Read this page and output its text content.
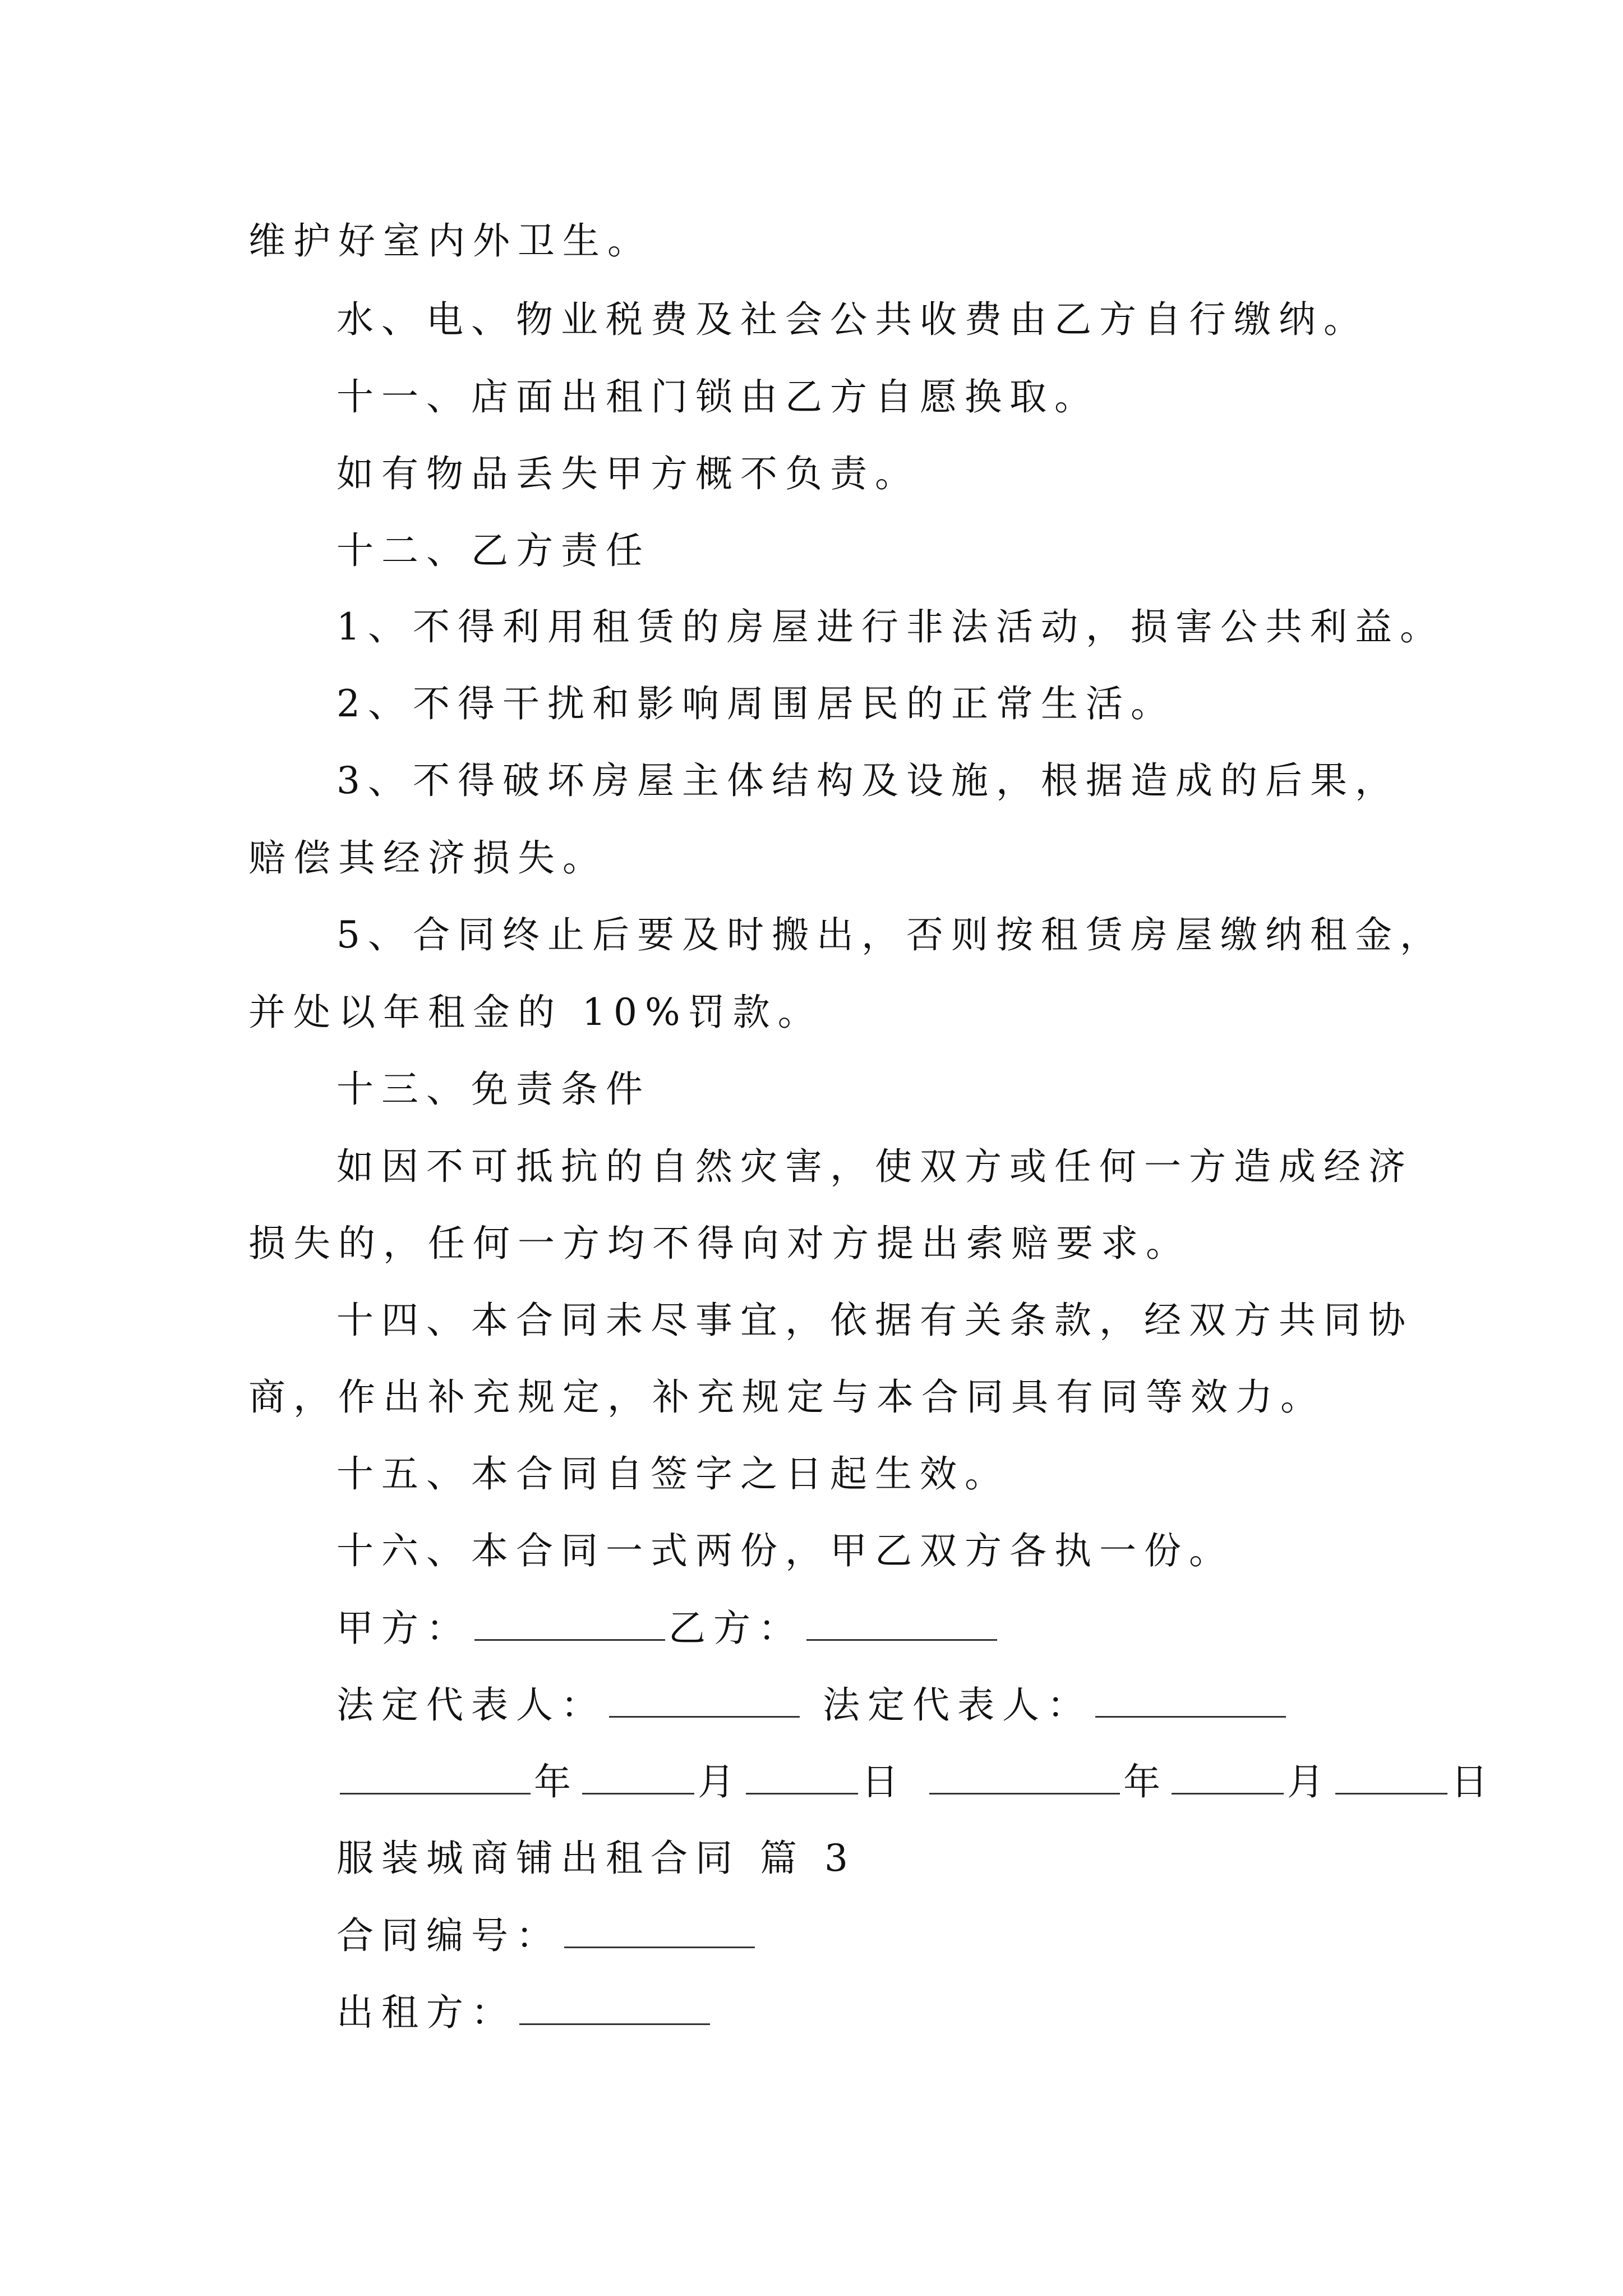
维护好室内外卫生。
水、电、物业税费及社会公共收费由乙方自行缴纳。
十一、店面出租门锁由乙方自愿换取。
如有物品丢失甲方概不负责。
十二、乙方责任
1、不得利用租赁的房屋进行非法活动，损害公共利益。
2、不得干扰和影响周围居民的正常生活。
3、不得破坏房屋主体结构及设施，根据造成的后果，
赔偿其经济损失。
5、合同终止后要及时搬出，否则按租赁房屋缴纳租金，
并处以年租金的 10%罚款。
十三、免责条件
如因不可抵抗的自然灾害，使双方或任何一方造成经济
损失的，任何一方均不得向对方提出索赔要求。
十四、本合同未尽事宜，依据有关条款，经双方共同协
商，作出补充规定，补充规定与本合同具有同等效力。
十五、本合同自签字之日起生效。
十六、本合同一式两份，甲乙双方各执一份。
甲方：	乙方：
法定代表人：	法定代表人：
年	月	日	年	月	日
服装城商铺出租合同 篇 3
合同编号：
出租方：
